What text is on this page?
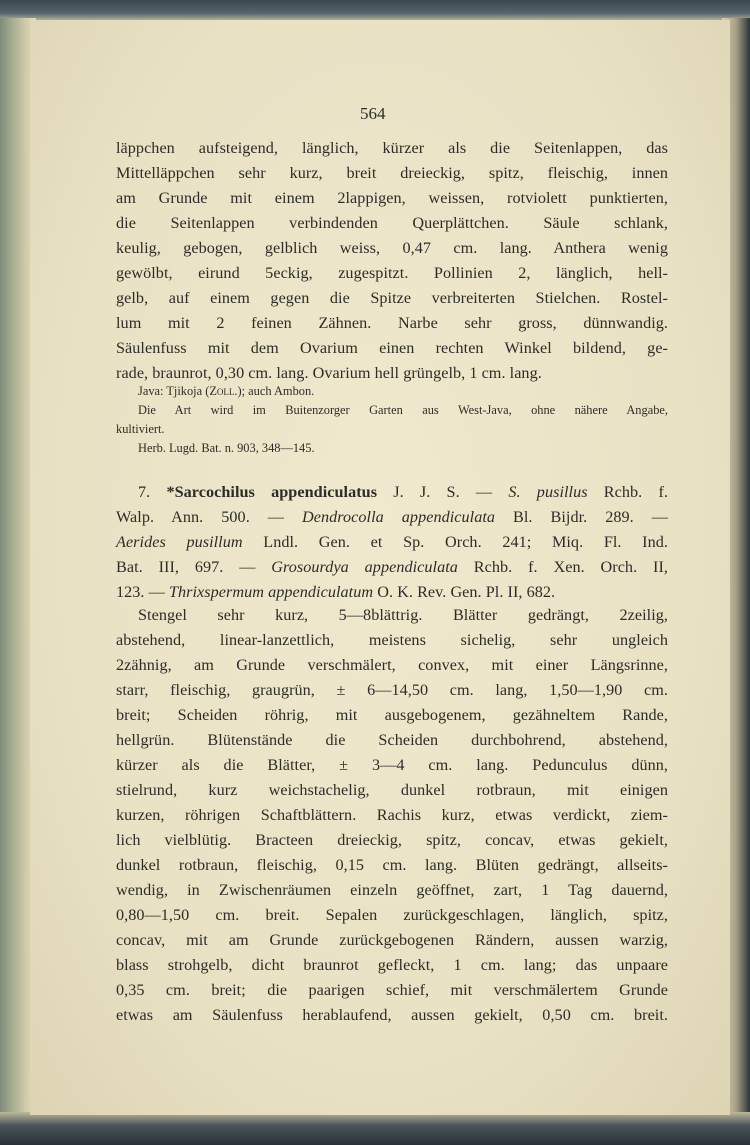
564
läppchen aufsteigend, länglich, kürzer als die Seitenlappen, das
Mittelläppchen sehr kurz, breit dreieckig, spitz, fleischig, innen
am Grunde mit einem 2lappigen, weissen, rotviolett punktierten,
die Seitenlappen verbindenden Querplättchen. Säule schlank,
keulig, gebogen, gelblich weiss, 0,47 cm. lang. Anthera wenig
gewölbt, eirund 5eckig, zugespitzt. Pollinien 2, länglich, hell-
gelb, auf einem gegen die Spitze verbreiterten Stielchen. Rostel-
lum mit 2 feinen Zähnen. Narbe sehr gross, dünnwandig.
Säulenfuss mit dem Ovarium einen rechten Winkel bildend, ge-
rade, braunrot, 0,30 cm. lang. Ovarium hell grüngelb, 1 cm. lang.
Java: Tjikoja (Zoll.); auch Ambon.
Die Art wird im Buitenzorger Garten aus West-Java, ohne nähere Angabe,
kultiviert.
Herb. Lugd. Bat. n. 903, 348—145.
7. *Sarcochilus appendiculatus J. J. S. — S. pusillus Rchb. f.
Walp. Ann. 500. — Dendrocolla appendiculata Bl. Bijdr. 289. —
Aerides pusillum Lndl. Gen. et Sp. Orch. 241; Miq. Fl. Ind.
Bat. III, 697. — Grosourdya appendiculata Rchb. f. Xen. Orch. II,
123. — Thrixspermum appendiculatum O. K. Rev. Gen. Pl. II, 682.
Stengel sehr kurz, 5—8blättrig. Blätter gedrängt, 2zeilig,
abstehend, linear-lanzettlich, meistens sichelig, sehr ungleich
2zähnig, am Grunde verschmälert, convex, mit einer Längsrinne,
starr, fleischig, graugrün, ± 6—14,50 cm. lang, 1,50—1,90 cm.
breit; Scheiden röhrig, mit ausgebogenem, gezähneltem Rande,
hellgrün. Blütenstände die Scheiden durchbohrend, abstehend,
kürzer als die Blätter, ± 3—4 cm. lang. Pedunculus dünn,
stielrund, kurz weichstachelig, dunkel rotbraun, mit einigen
kurzen, röhrigen Schaftblättern. Rachis kurz, etwas verdickt, ziem-
lich vielblütig. Bracteen dreieckig, spitz, concav, etwas gekielt,
dunkel rotbraun, fleischig, 0,15 cm. lang. Blüten gedrängt, allseits-
wendig, in Zwischenräumen einzeln geöffnet, zart, 1 Tag dauernd,
0,80—1,50 cm. breit. Sepalen zurückgeschlagen, länglich, spitz,
concav, mit am Grunde zurückgebogenen Rändern, aussen warzig,
blass strohgelb, dicht braunrot gefleckt, 1 cm. lang; das unpaare
0,35 cm. breit; die paarigen schief, mit verschmälertem Grunde
etwas am Säulenfuss herablaufend, aussen gekielt, 0,50 cm. breit.
